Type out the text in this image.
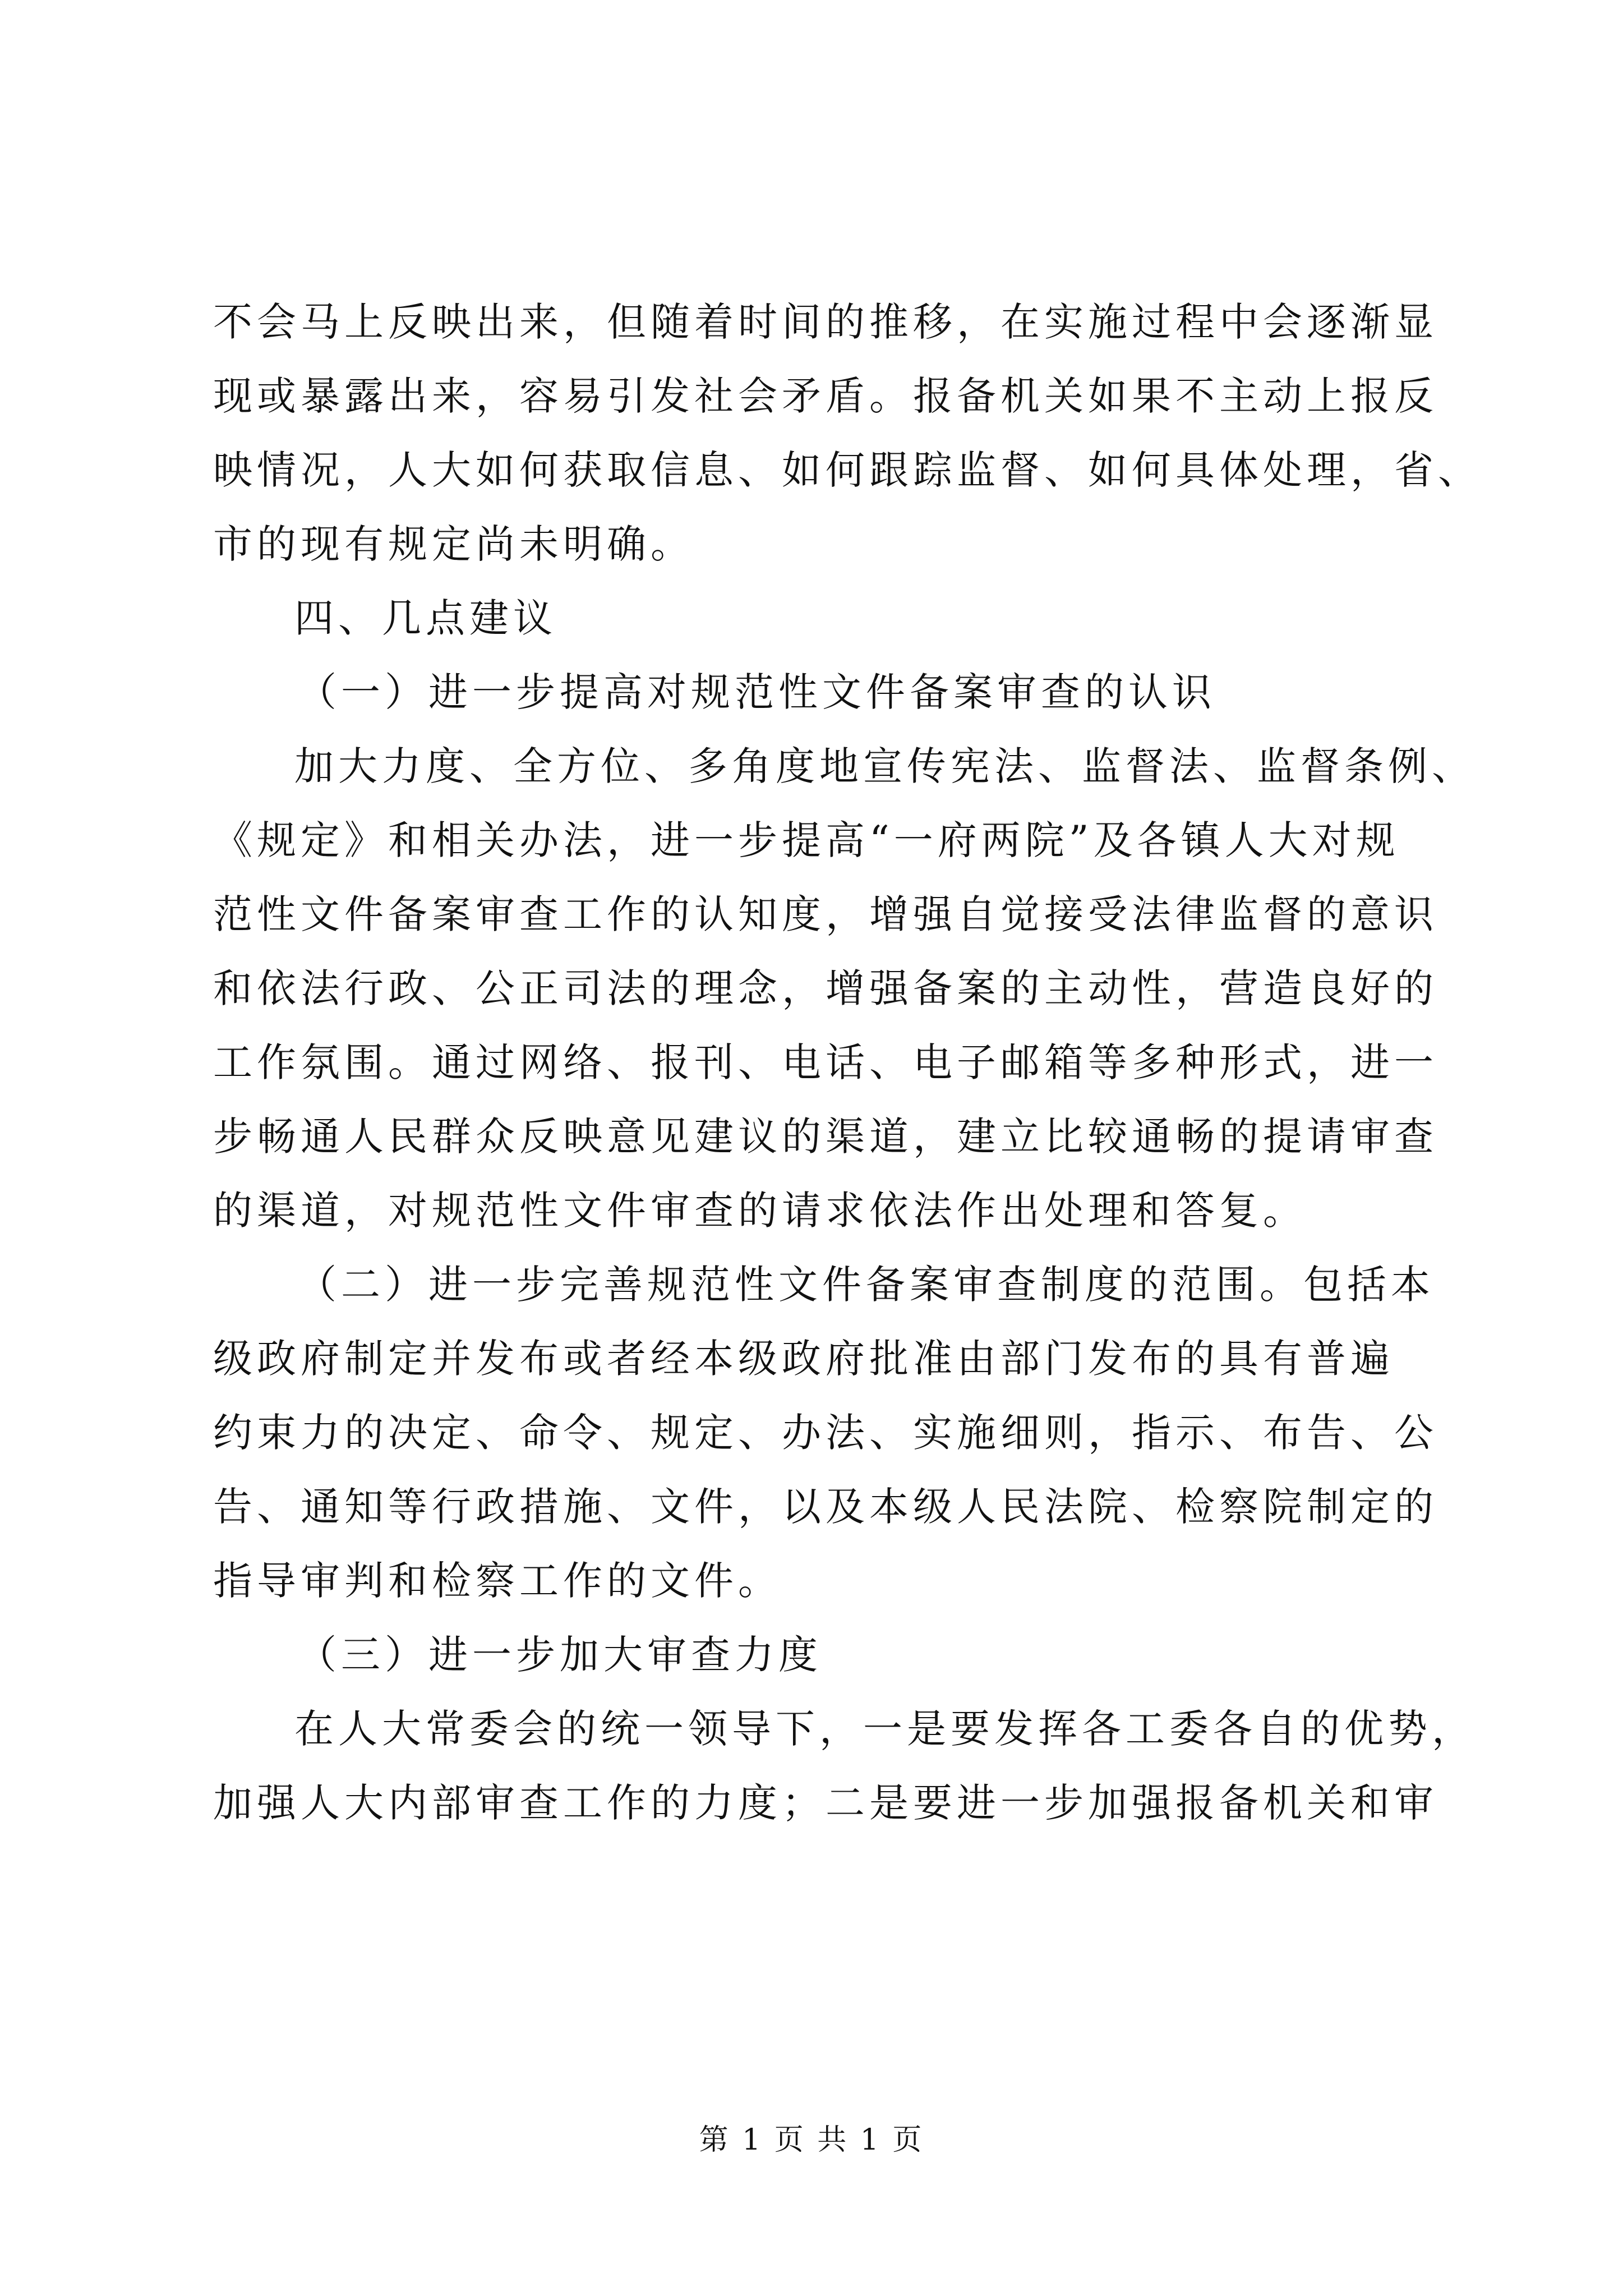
不会马上反映出来，但随着时间的推移，在实施过程中会逐渐显
现或暴露出来，容易引发社会矛盾。报备机关如果不主动上报反
映情况，人大如何获取信息、如何跟踪监督、如何具体处理，省、
市的现有规定尚未明确。
四、几点建议
（一）进一步提高对规范性文件备案审查的认识
加大力度、全方位、多角度地宣传宪法、监督法、监督条例、
《规定》和相关办法，进一步提高“一府两院”及各镇人大对规
范性文件备案审查工作的认知度，增强自觉接受法律监督的意识
和依法行政、公正司法的理念，增强备案的主动性，营造良好的
工作氛围。通过网络、报刊、电话、电子邮箱等多种形式，进一
步畅通人民群众反映意见建议的渠道，建立比较通畅的提请审查
的渠道，对规范性文件审查的请求依法作出处理和答复。
（二）进一步完善规范性文件备案审查制度的范围。包括本
级政府制定并发布或者经本级政府批准由部门发布的具有普遍
约束力的决定、命令、规定、办法、实施细则，指示、布告、公
告、通知等行政措施、文件，以及本级人民法院、检察院制定的
指导审判和检察工作的文件。
（三）进一步加大审查力度
在人大常委会的统一领导下，一是要发挥各工委各自的优势，
加强人大内部审查工作的力度；二是要进一步加强报备机关和审
第 1 页 共 1 页
